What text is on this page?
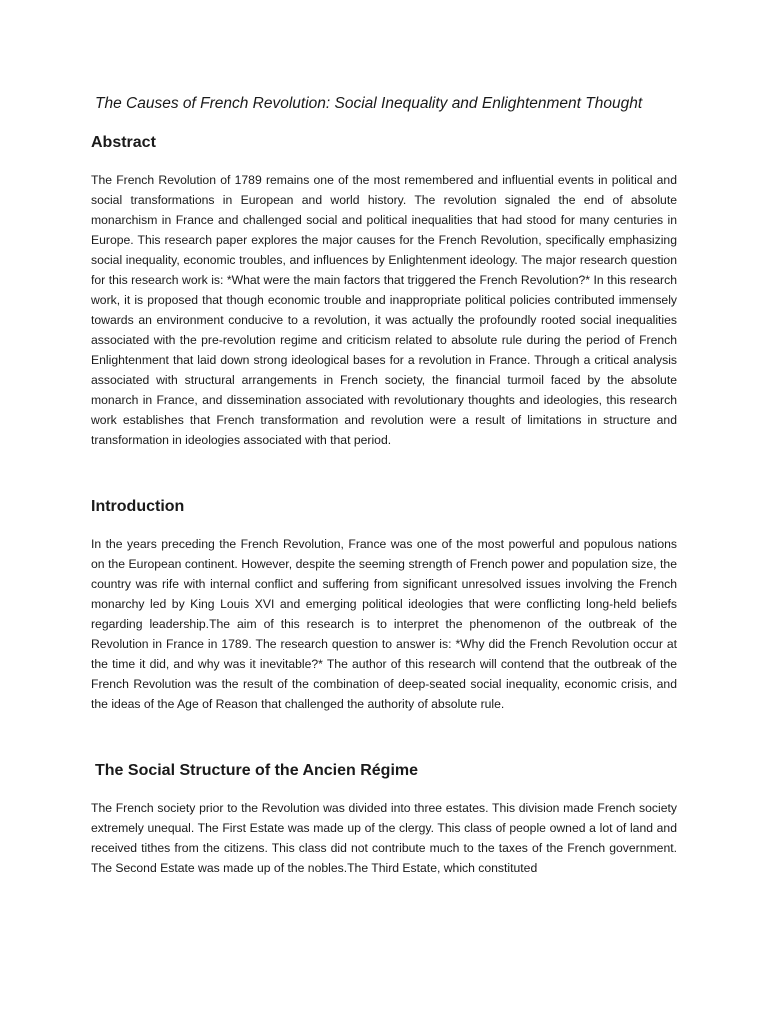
The Causes of French Revolution: Social Inequality and Enlightenment Thought
Abstract

The French Revolution of 1789 remains one of the most remembered and influential events in political and social transformations in European and world history. The revolution signaled the end of absolute monarchism in France and challenged social and political inequalities that had stood for many centuries in Europe. This research paper explores the major causes for the French Revolution, specifically emphasizing social inequality, economic troubles, and influences by Enlightenment ideology. The major research question for this research work is: *What were the main factors that triggered the French Revolution?* In this research work, it is proposed that though economic trouble and inappropriate political policies contributed immensely towards an environment conducive to a revolution, it was actually the profoundly rooted social inequalities associated with the pre-revolution regime and criticism related to absolute rule during the period of French Enlightenment that laid down strong ideological bases for a revolution in France. Through a critical analysis associated with structural arrangements in French society, the financial turmoil faced by the absolute monarch in France, and dissemination associated with revolutionary thoughts and ideologies, this research work establishes that French transformation and revolution were a result of limitations in structure and transformation in ideologies associated with that period.

Introduction

In the years preceding the French Revolution, France was one of the most powerful and populous nations on the European continent. However, despite the seeming strength of French power and population size, the country was rife with internal conflict and suffering from significant unresolved issues involving the French monarchy led by King Louis XVI and emerging political ideologies that were conflicting long-held beliefs regarding leadership.The aim of this research is to interpret the phenomenon of the outbreak of the Revolution in France in 1789. The research question to answer is: *Why did the French Revolution occur at the time it did, and why was it inevitable?* The author of this research will contend that the outbreak of the French Revolution was the result of the combination of deep-seated social inequality, economic crisis, and the ideas of the Age of Reason that challenged the authority of absolute rule.

The Social Structure of the Ancien Régime

The French society prior to the Revolution was divided into three estates. This division made French society extremely unequal. The First Estate was made up of the clergy. This class of people owned a lot of land and received tithes from the citizens. This class did not contribute much to the taxes of the French government. The Second Estate was made up of the nobles.The Third Estate, which constituted
